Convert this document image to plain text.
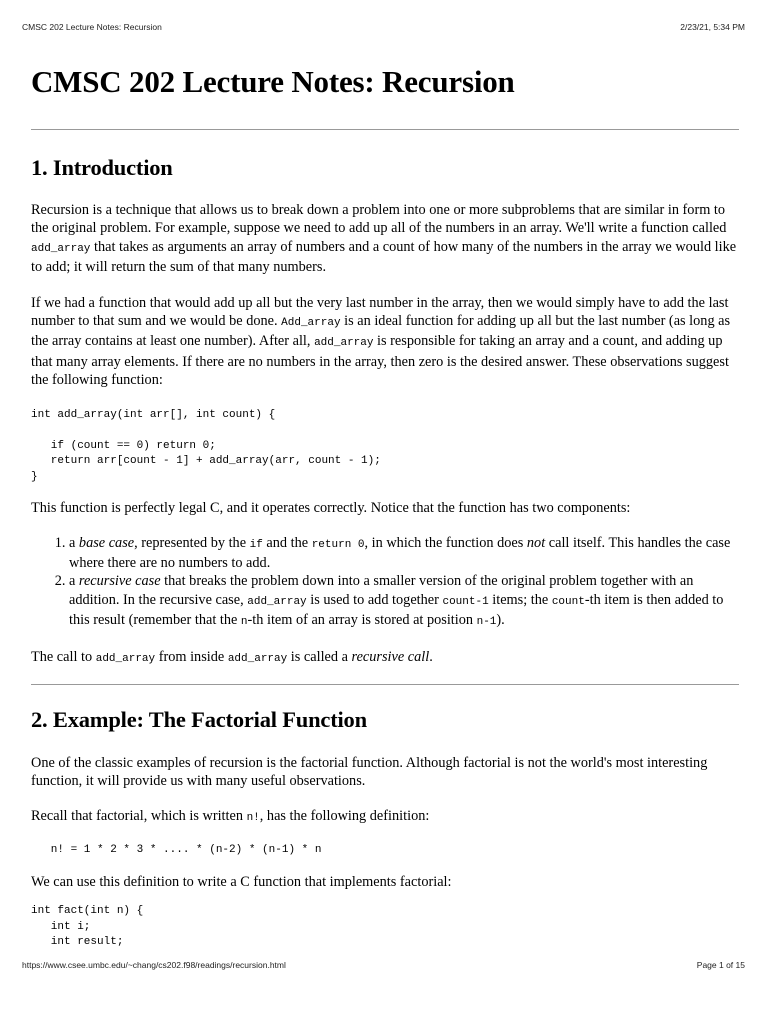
CMSC 202 Lecture Notes: Recursion	2/23/21, 5:34 PM
CMSC 202 Lecture Notes: Recursion
1. Introduction

Recursion is a technique that allows us to break down a problem into one or more subproblems that are similar in form to the original problem. For example, suppose we need to add up all of the numbers in an array. We'll write a function called add_array that takes as arguments an array of numbers and a count of how many of the numbers in the array we would like to add; it will return the sum of that many numbers.

If we had a function that would add up all but the very last number in the array, then we would simply have to add the last number to that sum and we would be done. Add_array is an ideal function for adding up all but the last number (as long as the array contains at least one number). After all, add_array is responsible for taking an array and a count, and adding up that many array elements. If there are no numbers in the array, then zero is the desired answer. These observations suggest the following function:

int add_array(int arr[], int count) {

if (count == 0) return 0;
return arr[count - 1] + add_array(arr, count - 1);
}

This function is perfectly legal C, and it operates correctly. Notice that the function has two components:

1. a base case, represented by the if and the return 0, in which the function does not call itself. This handles the case where there are no numbers to add.
2. a recursive case that breaks the problem down into a smaller version of the original problem together with an addition. In the recursive case, add_array is used to add together count-1 items; the count-th item is then added to this result (remember that the n-th item of an array is stored at position n-1).

The call to add_array from inside add_array is called a recursive call.

2. Example: The Factorial Function

One of the classic examples of recursion is the factorial function. Although factorial is not the world's most interesting function, it will provide us with many useful observations.

Recall that factorial, which is written n!, has the following definition:

n! = 1 * 2 * 3 * .... * (n-2) * (n-1) * n

We can use this definition to write a C function that implements factorial:

int fact(int n) {
int i;
int result;
https://www.csee.umbc.edu/~chang/cs202.f98/readings/recursion.html	Page 1 of 15
